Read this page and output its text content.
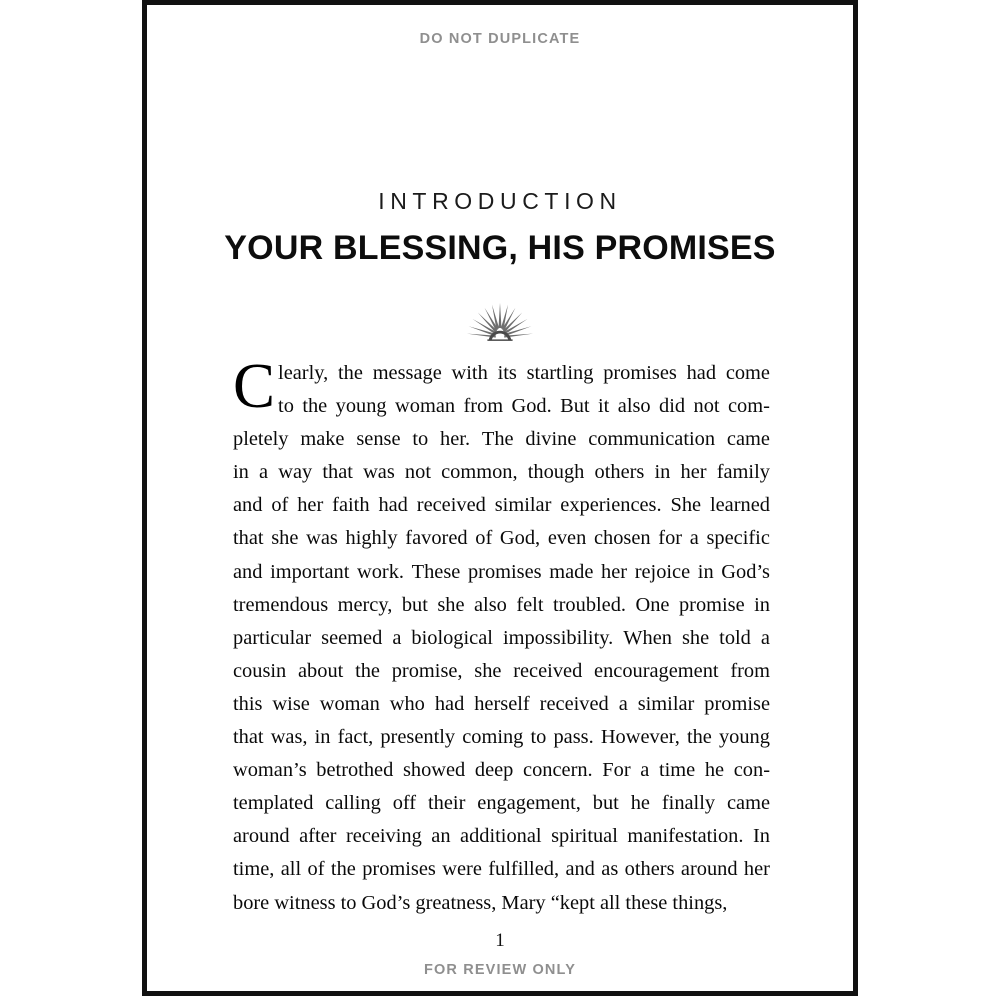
DO NOT DUPLICATE
INTRODUCTION
YOUR BLESSING, HIS PROMISES
C learly, the message with its startling promises had come
to the young woman from God. But it also did not com-
pletely make sense to her. The divine communication came
in a way that was not common, though others in her family
and of her faith had received similar experiences. She learned
that she was highly favored of God, even chosen for a specific
and important work. These promises made her rejoice in God’s
tremendous mercy, but she also felt troubled. One promise in
particular seemed a biological impossibility. When she told a
cousin about the promise, she received encouragement from
this wise woman who had herself received a similar promise
that was, in fact, presently coming to pass. However, the young
woman’s betrothed showed deep concern. For a time he con-
templated calling off their engagement, but he finally came
around after receiving an additional spiritual manifestation. In
time, all of the promises were fulfilled, and as others around her
bore witness to God’s greatness, Mary “kept all these things,
1
FOR REVIEW ONLY
